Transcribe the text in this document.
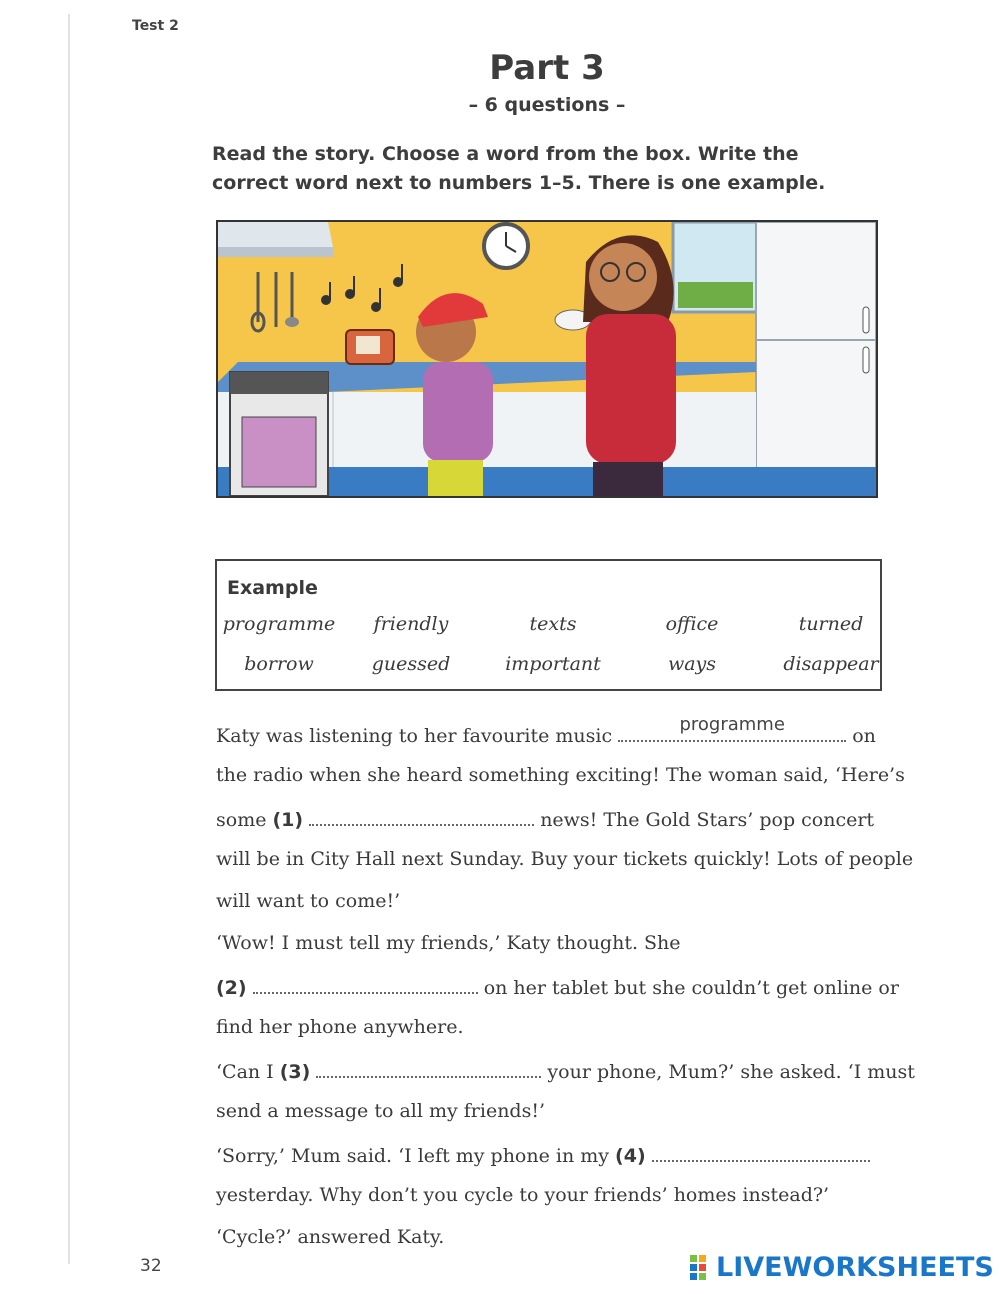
Test 2
Part 3
– 6 questions –
Read the story. Choose a word from the box. Write the correct word next to numbers 1–5. There is one example.
Example
programme	friendly	texts	office	turned
borrow	guessed	important	ways	disappear
Katy was listening to her favourite music
programme
on
the radio when she heard something exciting! The woman said, ‘Here’s
some (1)	news! The Gold Stars’ pop concert
will be in City Hall next Sunday. Buy your tickets quickly! Lots of people
will want to come!’
‘Wow! I must tell my friends,’ Katy thought. She
(2)	on her tablet but she couldn’t get online or
find her phone anywhere.
‘Can I (3)	your phone, Mum?’ she asked. ‘I must
send a message to all my friends!’
‘Sorry,’ Mum said. ‘I left my phone in my (4)
yesterday. Why don’t you cycle to your friends’ homes instead?’
‘Cycle?’ answered Katy.
32	LIVEWORKSHEETS
